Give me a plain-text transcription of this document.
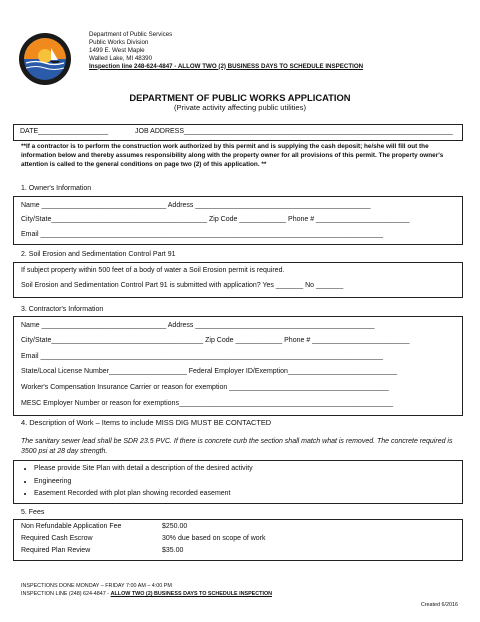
Department of Public Services
Public Works Division
1499 E. West Maple
Walled Lake, MI 48390
Inspection line 248-624-4847 - ALLOW TWO (2) BUSINESS DAYS TO SCHEDULE INSPECTION
DEPARTMENT OF PUBLIC WORKS APPLICATION
(Private activity affecting public utilities)
DATE__________________	JOB ADDRESS_____________________________________________________________________
**If a contractor is to perform the construction work authorized by this permit and is supplying the cash deposit; he/she will fill out the information below and thereby assumes responsibility along with the property owner for all provisions of this permit. The property owner's attention is called to the general conditions on page two (2) of this application. **
1. Owner's Information
Name ________________________________ Address _____________________________________________
City/State________________________________________ Zip Code ____________ Phone # ________________________
Email ________________________________________________________________________________________
2. Soil Erosion and Sedimentation Control Part 91
If subject property within 500 feet of a body of water a Soil Erosion permit is required.
Soil Erosion and Sedimentation Control Part 91 is submitted with application? Yes _______ No _______
3. Contractor's Information
Name ________________________________ Address ______________________________________________
City/State_______________________________________ Zip Code ____________ Phone # _________________________
Email ________________________________________________________________________________________
State/Local License Number____________________ Federal Employer ID/Exemption____________________________
Worker's Compensation Insurance Carrier or reason for exemption _________________________________________
MESC Employer Number or reason for exemptions_______________________________________________________
4. Description of Work – Items to include MISS DIG MUST BE CONTACTED
The sanitary sewer lead shall be SDR 23.5 PVC. If there is concrete curb the section shall match what is removed. The concrete required is 3500 psi at 28 day strength.
• Please provide Site Plan with detail a description of the desired activity
• Engineering
• Easement Recorded with plot plan showing recorded easement
5. Fees
Non Refundable Application Fee	$250.00
Required Cash Escrow	30% due based on scope of work
Required Plan Review	$35.00
INSPECTIONS DONE MONDAY – FRIDAY 7:00 AM – 4:00 PM
INSPECTION LINE (248) 624-4847 - ALLOW TWO (2) BUSINESS DAYS TO SCHEDULE INSPECTION
Created 6/2016
